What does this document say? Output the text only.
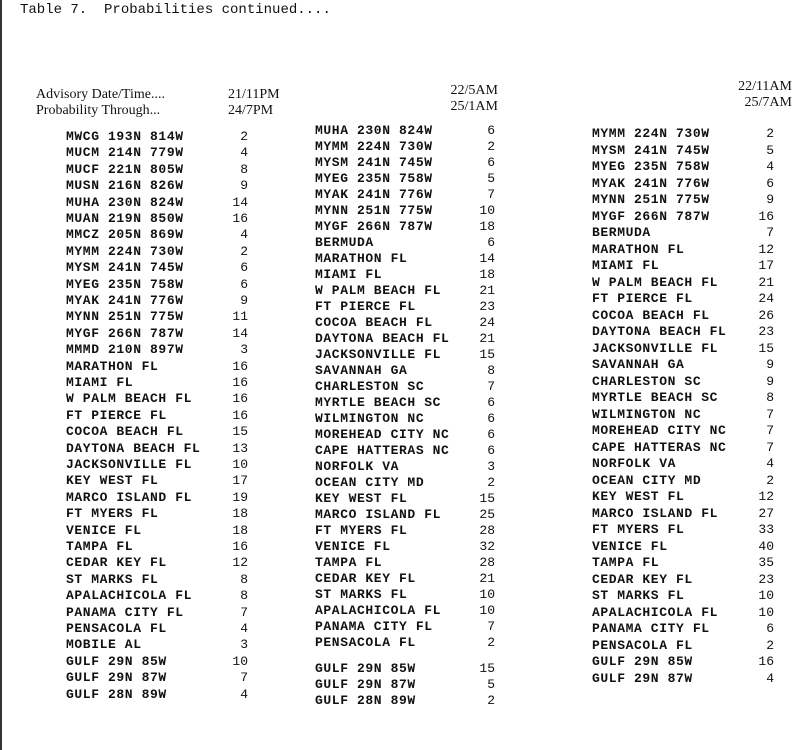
Table 7.  Probabilities continued....
Advisory Date/Time....
Probability Through...
21/11PM
24/7PM
22/5AM
25/1AM
22/11AM
25/7AM
MWCG 193N 814W	2
MUCM 214N 779W	4
MUCF 221N 805W	8
MUSN 216N 826W	9
MUHA 230N 824W	14
MUAN 219N 850W	16
MMCZ 205N 869W	4
MYMM 224N 730W	2
MYSM 241N 745W	6
MYEG 235N 758W	6
MYAK 241N 776W	9
MYNN 251N 775W	11
MYGF 266N 787W	14
MMMD 210N 897W	3
MARATHON FL	16
MIAMI FL	16
W PALM BEACH FL	16
FT PIERCE FL	16
COCOA BEACH FL	15
DAYTONA BEACH FL 13
JACKSONVILLE FL	10
KEY WEST FL	17
MARCO ISLAND FL	19
FT MYERS FL	18
VENICE FL	18
TAMPA FL	16
CEDAR KEY FL	12
ST MARKS FL	8
APALACHICOLA FL	8
PANAMA CITY FL	7
PENSACOLA FL	4
MOBILE AL	3
GULF 29N 85W	10
GULF 29N 87W	7
GULF 28N 89W	4
MUHA 230N 824W	6
MYMM 224N 730W	2
MYSM 241N 745W	6
MYEG 235N 758W	5
MYAK 241N 776W	7
MYNN 251N 775W	10
MYGF 266N 787W	18
BERMUDA	6
MARATHON FL	14
MIAMI FL	18
W PALM BEACH FL	21
FT PIERCE FL	23
COCOA BEACH FL	24
DAYTONA BEACH FL 21
JACKSONVILLE FL	15
SAVANNAH GA	8
CHARLESTON SC	7
MYRTLE BEACH SC	6
WILMINGTON NC	6
MOREHEAD CITY NC	6
CAPE HATTERAS NC	6
NORFOLK VA	3
OCEAN CITY MD	2
KEY WEST FL	15
MARCO ISLAND FL	25
FT MYERS FL	28
VENICE FL	32
TAMPA FL	28
CEDAR KEY FL	21
ST MARKS FL	10
APALACHICOLA FL	10
PANAMA CITY FL	7
PENSACOLA FL	2
GULF 29N 85W	15
GULF 29N 87W	5
GULF 28N 89W	2
MYMM 224N 730W	2
MYSM 241N 745W	5
MYEG 235N 758W	4
MYAK 241N 776W	6
MYNN 251N 775W	9
MYGF 266N 787W	16
BERMUDA	7
MARATHON FL	12
MIAMI FL	17
W PALM BEACH FL	21
FT PIERCE FL	24
COCOA BEACH FL	26
DAYTONA BEACH FL 23
JACKSONVILLE FL	15
SAVANNAH GA	9
CHARLESTON SC	9
MYRTLE BEACH SC	8
WILMINGTON NC	7
MOREHEAD CITY NC	7
CAPE HATTERAS NC	7
NORFOLK VA	4
OCEAN CITY MD	2
KEY WEST FL	12
MARCO ISLAND FL	27
FT MYERS FL	33
VENICE FL	40
TAMPA FL	35
CEDAR KEY FL	23
ST MARKS FL	10
APALACHICOLA FL	10
PANAMA CITY FL	6
PENSACOLA FL	2
GULF 29N 85W	16
GULF 29N 87W	4
